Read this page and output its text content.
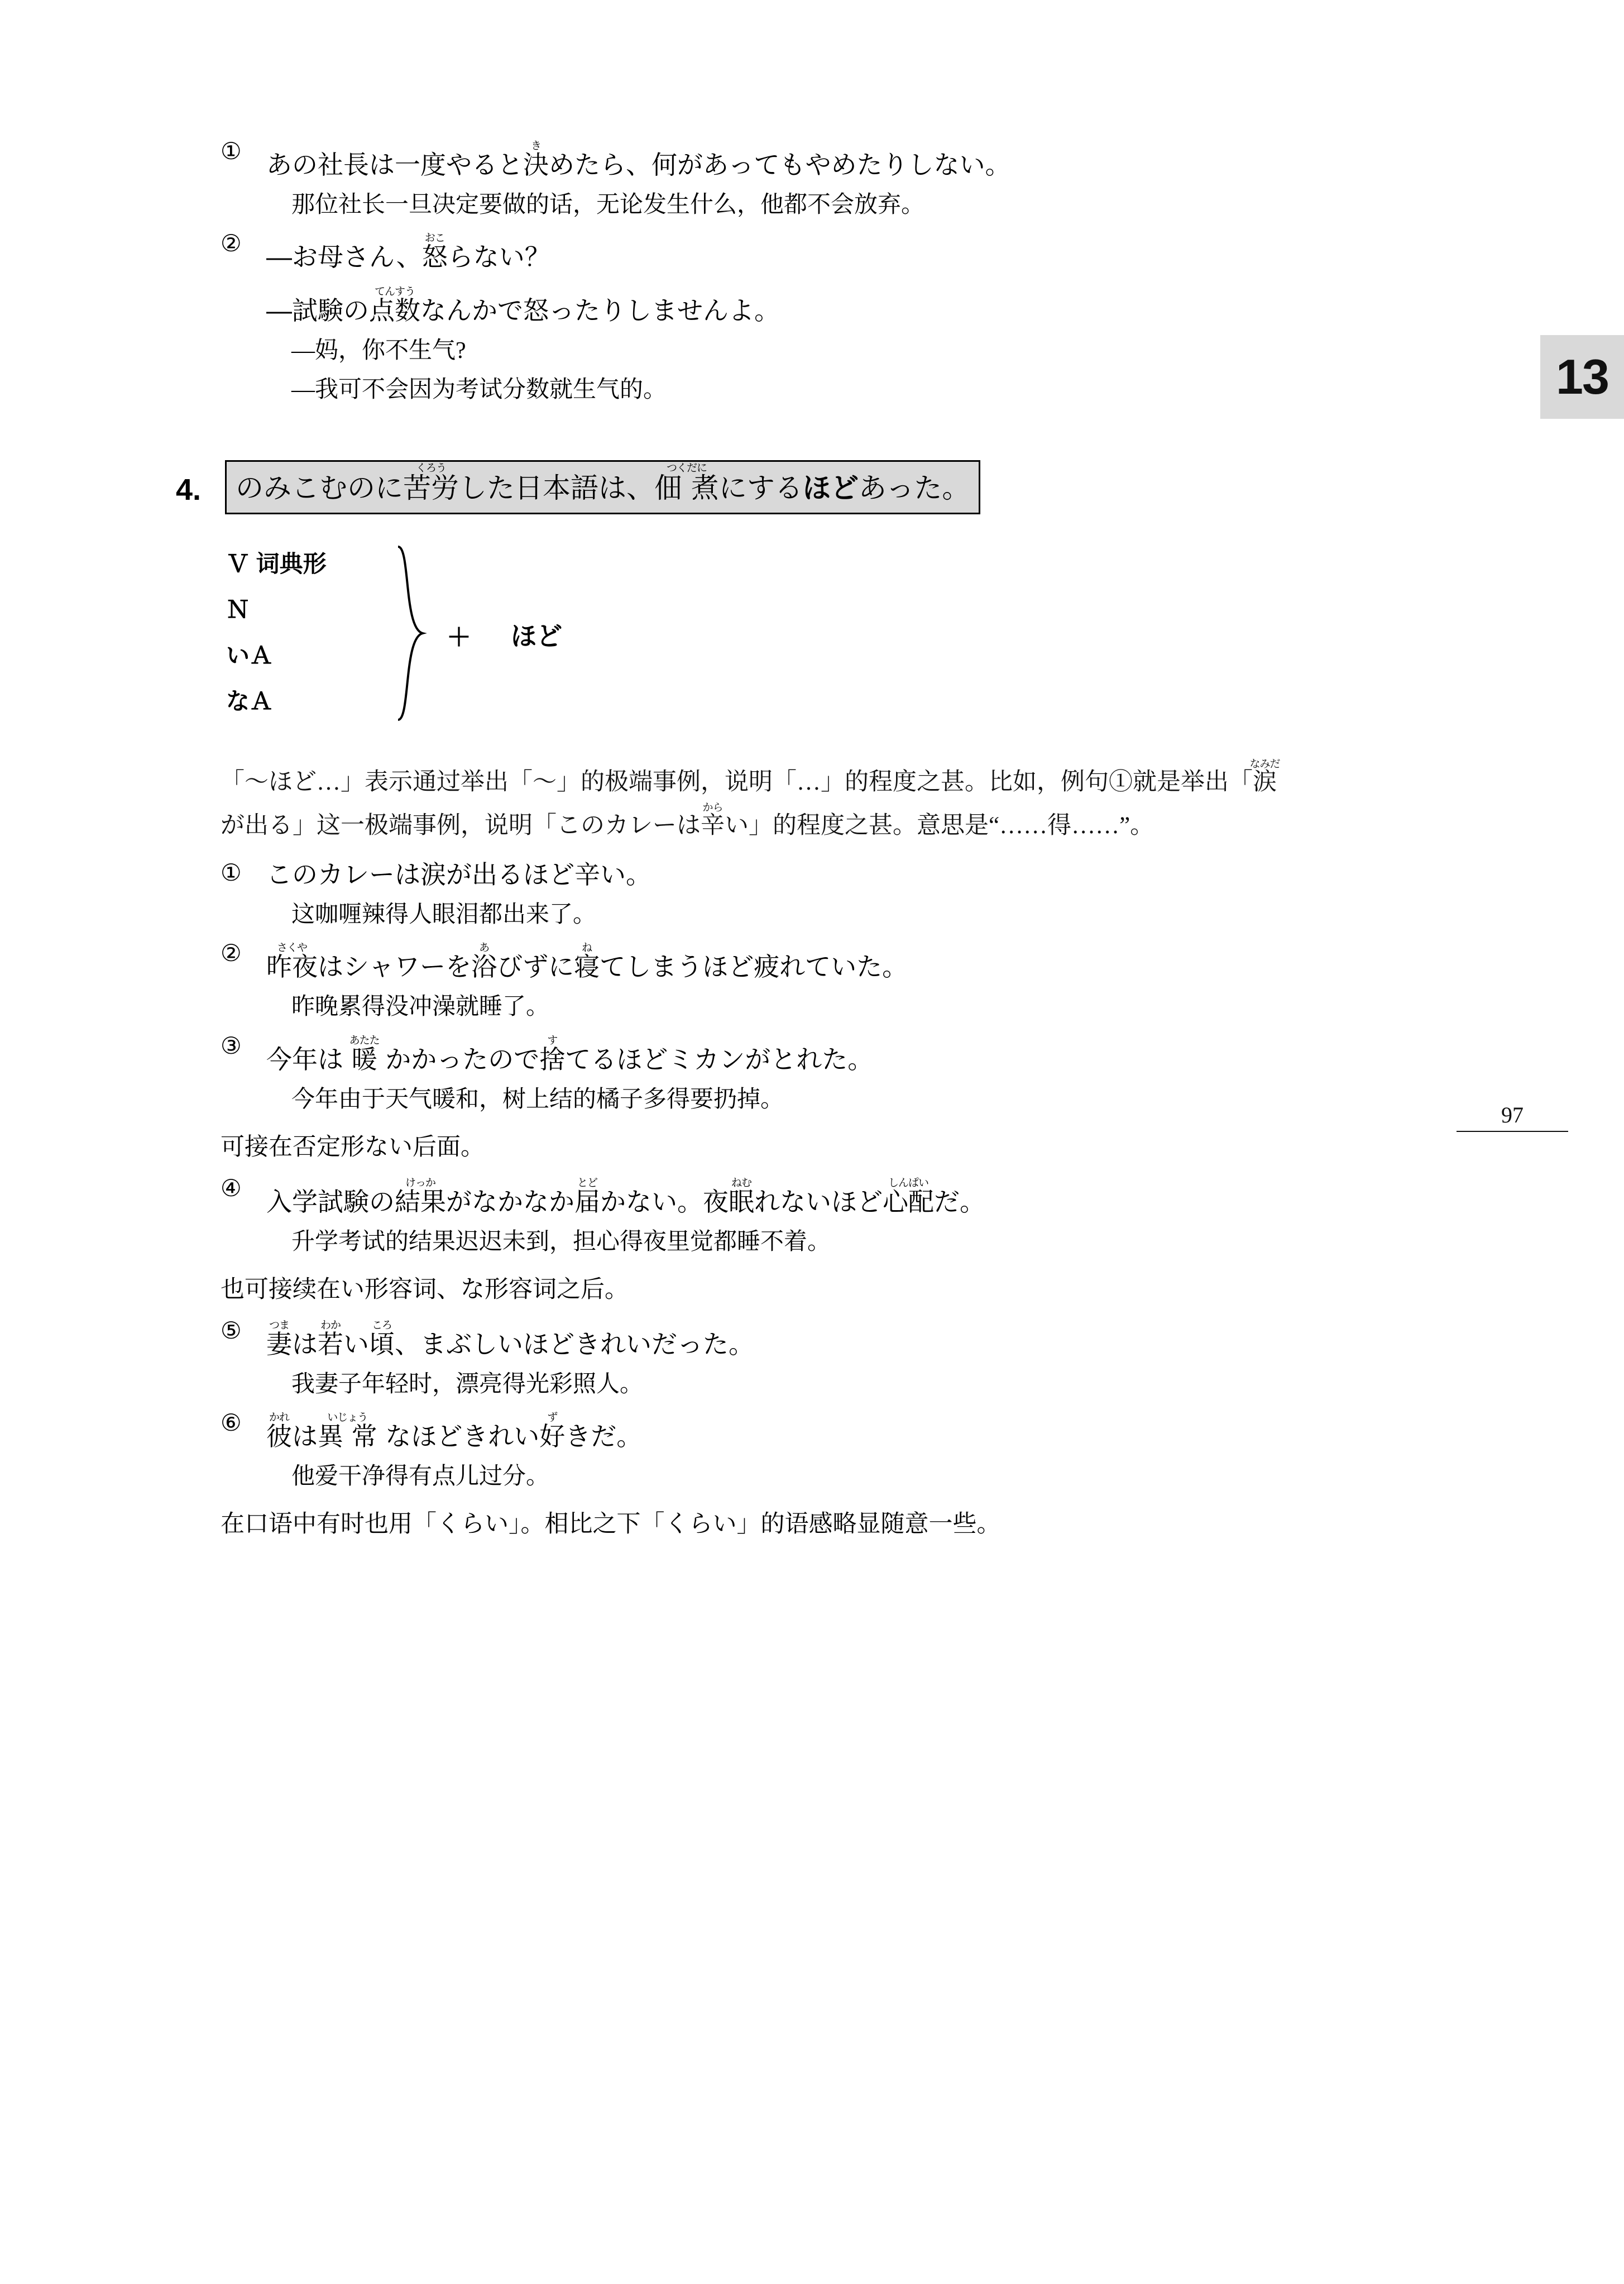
13
97
① あの社長は一度やると決きめたら、何があってもやめたりしない。
那位社长一旦决定要做的话，无论发生什么，他都不会放弃。
② ―お母さん、怒おこらない？
―試験の点数てんすうなんかで怒ったりしませんよ。
―妈，你不生气?
―我可不会因为考试分数就生气的。
4.	のみこむのに苦労くろうした日本語は、佃 煮つくだににするほどあった。
Ｖ 词典形
Ｎ
いＡ
なＡ
＋ ほど
「〜ほど…」表示通过举出「〜」的极端事例，说明「…」的程度之甚。比如，例句①就是举出「涙なみだ
が出る」这一极端事例，说明「このカレーは辛からい」的程度之甚。意思是“……得……”。
① このカレーは涙が出るほど辛い。
这咖喱辣得人眼泪都出来了。
② 昨夜さくやはシャワーを浴あびずに寝ねてしまうほど疲れていた。
昨晚累得没冲澡就睡了。
③ 今年は 暖あたた かかったので捨すてるほどミカンがとれた。
今年由于天气暖和，树上结的橘子多得要扔掉。
可接在否定形ない后面。
④ 入学試験の結果けっかがなかなか届とどかない。夜眠ねむれないほど心配しんぱいだ。
升学考试的结果迟迟未到，担心得夜里觉都睡不着。
也可接续在い形容词、な形容词之后。
⑤ 妻つまは若わかい頃ころ、まぶしいほどきれいだった。
我妻子年轻时，漂亮得光彩照人。
⑥ 彼かれは異 常いじょう なほどきれい好ずきだ。
他爱干净得有点儿过分。
在口语中有时也用「くらい」。相比之下「くらい」的语感略显随意一些。
